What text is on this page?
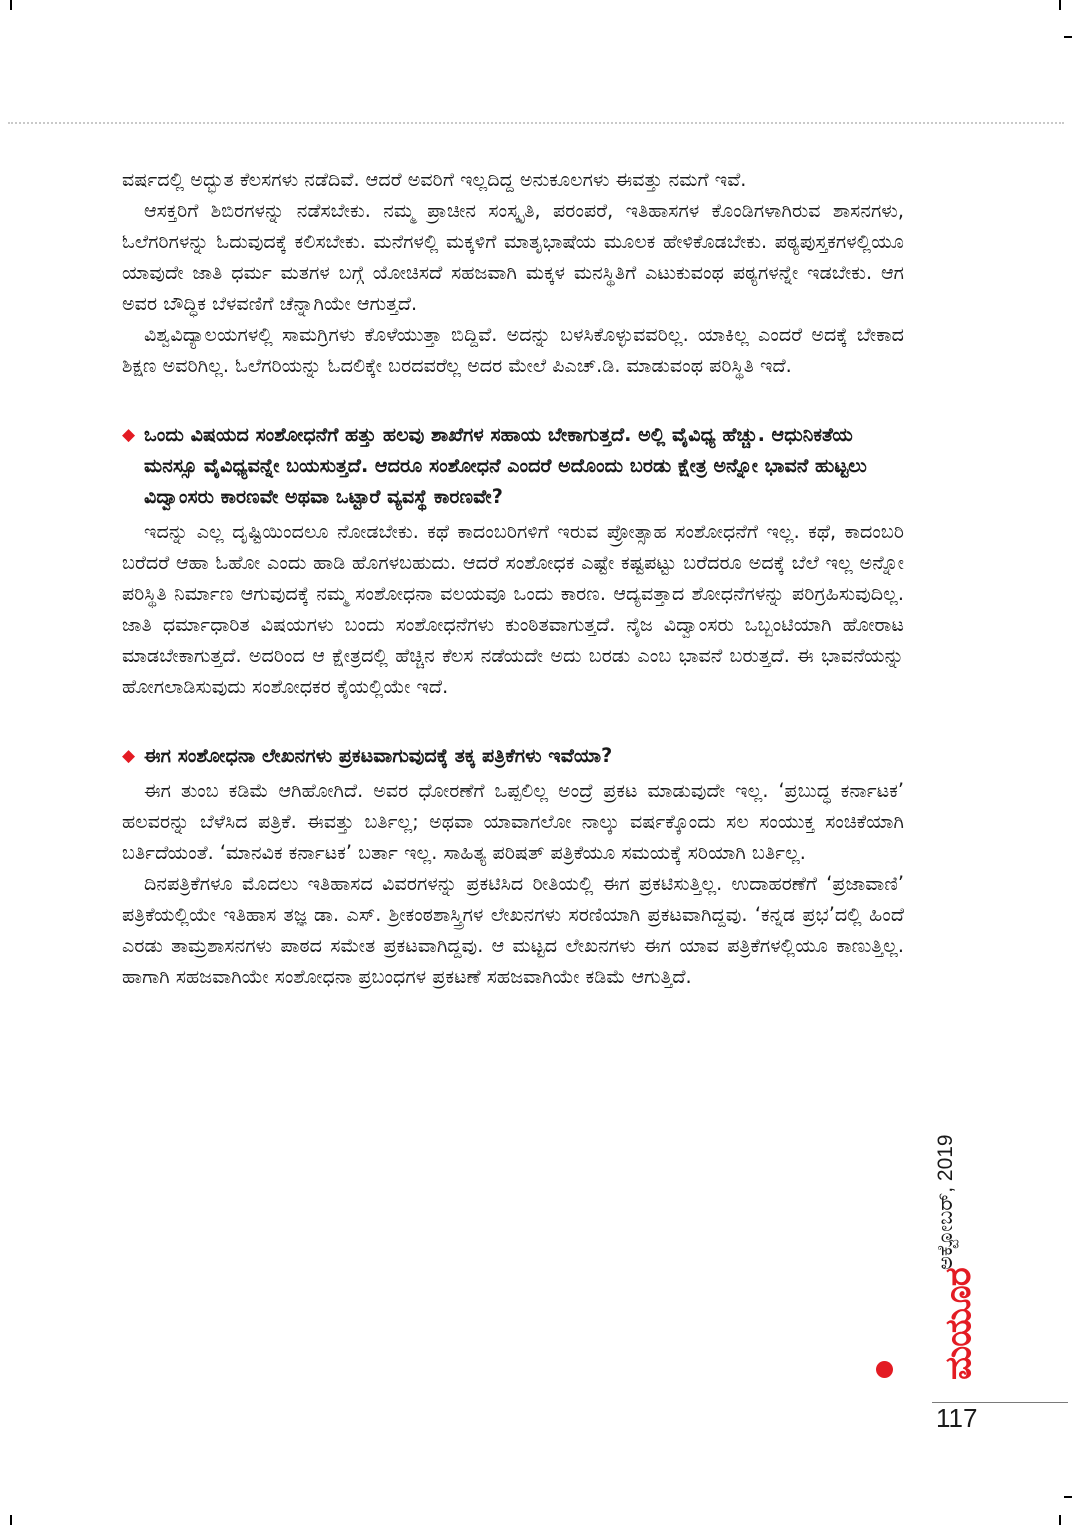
ವರ್ಷದಲ್ಲಿ ಅದ್ಭುತ ಕೆಲಸಗಳು ನಡೆದಿವೆ. ಆದರೆ ಅವರಿಗೆ ಇಲ್ಲದಿದ್ದ ಅನುಕೂಲಗಳು ಈವತ್ತು ನಮಗೆ ಇವೆ.

ಆಸಕ್ತರಿಗೆ ಶಿಬಿರಗಳನ್ನು ನಡೆಸಬೇಕು. ನಮ್ಮ ಪ್ರಾಚೀನ ಸಂಸ್ಕೃತಿ, ಪರಂಪರೆ, ಇತಿಹಾಸಗಳ ಕೊಂಡಿಗಳಾಗಿರುವ ಶಾಸನಗಳು, ಓಲೆಗರಿಗಳನ್ನು ಓದುವುದಕ್ಕೆ ಕಲಿಸಬೇಕು. ಮನೆಗಳಲ್ಲಿ ಮಕ್ಕಳಿಗೆ ಮಾತೃಭಾಷೆಯ ಮೂಲಕ ಹೇಳಿಕೊಡಬೇಕು. ಪಠ್ಯಪುಸ್ತಕಗಳಲ್ಲಿಯೂ ಯಾವುದೇ ಜಾತಿ ಧರ್ಮ ಮತಗಳ ಬಗ್ಗೆ ಯೋಚಿಸದೆ ಸಹಜವಾಗಿ ಮಕ್ಕಳ ಮನಸ್ಥಿತಿಗೆ ಎಟುಕುವಂಥ ಪಠ್ಯಗಳನ್ನೇ ಇಡಬೇಕು. ಆಗ ಅವರ ಬೌದ್ಧಿಕ ಬೆಳವಣಿಗೆ ಚೆನ್ನಾಗಿಯೇ ಆಗುತ್ತದೆ.

ವಿಶ್ವವಿದ್ಯಾಲಯಗಳಲ್ಲಿ ಸಾಮಗ್ರಿಗಳು ಕೊಳೆಯುತ್ತಾ ಬಿದ್ದಿವೆ. ಅದನ್ನು ಬಳಸಿಕೊಳ್ಳುವವರಿಲ್ಲ. ಯಾಕಿಲ್ಲ ಎಂದರೆ ಅದಕ್ಕೆ ಬೇಕಾದ ಶಿಕ್ಷಣ ಅವರಿಗಿಲ್ಲ. ಓಲೆಗರಿಯನ್ನು ಓದಲಿಕ್ಕೇ ಬರದವರೆಲ್ಲ ಅದರ ಮೇಲೆ ಪಿಎಚ್.ಡಿ. ಮಾಡುವಂಥ ಪರಿಸ್ಥಿತಿ ಇದೆ.

◆ ಒಂದು ವಿಷಯದ ಸಂಶೋಧನೆಗೆ ಹತ್ತು ಹಲವು ಶಾಖೆಗಳ ಸಹಾಯ ಬೇಕಾಗುತ್ತದೆ. ಅಲ್ಲಿ ವೈವಿಧ್ಯ ಹೆಚ್ಚು. ಆಧುನಿಕತೆಯ ಮನಸ್ಸೂ ವೈವಿಧ್ಯವನ್ನೇ ಬಯಸುತ್ತದೆ. ಆದರೂ ಸಂಶೋಧನೆ ಎಂದರೆ ಅದೊಂದು ಬರಡು ಕ್ಷೇತ್ರ ಅನ್ನೋ ಭಾವನೆ ಹುಟ್ಟಲು ವಿದ್ವಾಂಸರು ಕಾರಣವೇ ಅಥವಾ ಒಟ್ಟಾರೆ ವ್ಯವಸ್ಥೆ ಕಾರಣವೇ?

ಇದನ್ನು ಎಲ್ಲ ದೃಷ್ಟಿಯಿಂದಲೂ ನೋಡಬೇಕು. ಕಥೆ ಕಾದಂಬರಿಗಳಿಗೆ ಇರುವ ಪ್ರೋತ್ಸಾಹ ಸಂಶೋಧನೆಗೆ ಇಲ್ಲ. ಕಥೆ, ಕಾದಂಬರಿ ಬರೆದರೆ ಆಹಾ ಓಹೋ ಎಂದು ಹಾಡಿ ಹೊಗಳಬಹುದು. ಆದರೆ ಸಂಶೋಧಕ ಎಷ್ಟೇ ಕಷ್ಟಪಟ್ಟು ಬರೆದರೂ ಅದಕ್ಕೆ ಬೆಲೆ ಇಲ್ಲ ಅನ್ನೋ ಪರಿಸ್ಥಿತಿ ನಿರ್ಮಾಣ ಆಗುವುದಕ್ಕೆ ನಮ್ಮ ಸಂಶೋಧನಾ ವಲಯವೂ ಒಂದು ಕಾರಣ. ಆದ್ಯವತ್ತಾದ ಶೋಧನೆಗಳನ್ನು ಪರಿಗ್ರಹಿಸುವುದಿಲ್ಲ. ಜಾತಿ ಧರ್ಮಾಧಾರಿತ ವಿಷಯಗಳು ಬಂದು ಸಂಶೋಧನೆಗಳು ಕುಂಠಿತವಾಗುತ್ತದೆ. ನೈಜ ವಿದ್ವಾಂಸರು ಒಬ್ಬಂಟಿಯಾಗಿ ಹೋರಾಟ ಮಾಡಬೇಕಾಗುತ್ತದೆ. ಅದರಿಂದ ಆ ಕ್ಷೇತ್ರದಲ್ಲಿ ಹೆಚ್ಚಿನ ಕೆಲಸ ನಡೆಯದೇ ಅದು ಬರಡು ಎಂಬ ಭಾವನೆ ಬರುತ್ತದೆ. ಈ ಭಾವನೆಯನ್ನು ಹೋಗಲಾಡಿಸುವುದು ಸಂಶೋಧಕರ ಕೈಯಲ್ಲಿಯೇ ಇದೆ.

◆ ಈಗ ಸಂಶೋಧನಾ ಲೇಖನಗಳು ಪ್ರಕಟವಾಗುವುದಕ್ಕೆ ತಕ್ಕ ಪತ್ರಿಕೆಗಳು ಇವೆಯಾ?

ಈಗ ತುಂಬ ಕಡಿಮೆ ಆಗಿಹೋಗಿದೆ. ಅವರ ಧೋರಣೆಗೆ ಒಪ್ಪಲಿಲ್ಲ ಅಂದ್ರೆ ಪ್ರಕಟ ಮಾಡುವುದೇ ಇಲ್ಲ. ‘ಪ್ರಬುದ್ಧ ಕರ್ನಾಟಕ’ ಹಲವರನ್ನು ಬೆಳೆಸಿದ ಪತ್ರಿಕೆ. ಈವತ್ತು ಬರ್ತಿಲ್ಲ; ಅಥವಾ ಯಾವಾಗಲೋ ನಾಲ್ಕು ವರ್ಷಕ್ಕೊಂದು ಸಲ ಸಂಯುಕ್ತ ಸಂಚಿಕೆಯಾಗಿ ಬರ್ತಿದೆಯಂತೆ. ‘ಮಾನವಿಕ ಕರ್ನಾಟಕ’ ಬರ್ತಾ ಇಲ್ಲ. ಸಾಹಿತ್ಯ ಪರಿಷತ್ ಪತ್ರಿಕೆಯೂ ಸಮಯಕ್ಕೆ ಸರಿಯಾಗಿ ಬರ್ತಿಲ್ಲ.

ದಿನಪತ್ರಿಕೆಗಳೂ ಮೊದಲು ಇತಿಹಾಸದ ವಿವರಗಳನ್ನು ಪ್ರಕಟಿಸಿದ ರೀತಿಯಲ್ಲಿ ಈಗ ಪ್ರಕಟಿಸುತ್ತಿಲ್ಲ. ಉದಾಹರಣೆಗೆ ‘ಪ್ರಜಾವಾಣಿ’ ಪತ್ರಿಕೆಯಲ್ಲಿಯೇ ಇತಿಹಾಸ ತಜ್ಞ ಡಾ. ಎಸ್. ಶ್ರೀಕಂಠಶಾಸ್ತ್ರಿಗಳ ಲೇಖನಗಳು ಸರಣಿಯಾಗಿ ಪ್ರಕಟವಾಗಿದ್ದವು. ‘ಕನ್ನಡ ಪ್ರಭ’ದಲ್ಲಿ ಹಿಂದೆ ಎರಡು ತಾಮ್ರಶಾಸನಗಳು ಪಾಠದ ಸಮೇತ ಪ್ರಕಟವಾಗಿದ್ದವು. ಆ ಮಟ್ಟದ ಲೇಖನಗಳು ಈಗ ಯಾವ ಪತ್ರಿಕೆಗಳಲ್ಲಿಯೂ ಕಾಣುತ್ತಿಲ್ಲ. ಹಾಗಾಗಿ ಸಹಜವಾಗಿಯೇ ಸಂಶೋಧನಾ ಪ್ರಬಂಧಗಳ ಪ್ರಕಟಣೆ ಸಹಜವಾಗಿಯೇ ಕಡಿಮೆ ಆಗುತ್ತಿದೆ.

ಅಕ್ಟೋಬರ್, 2019
ಮಯೂರ
117
